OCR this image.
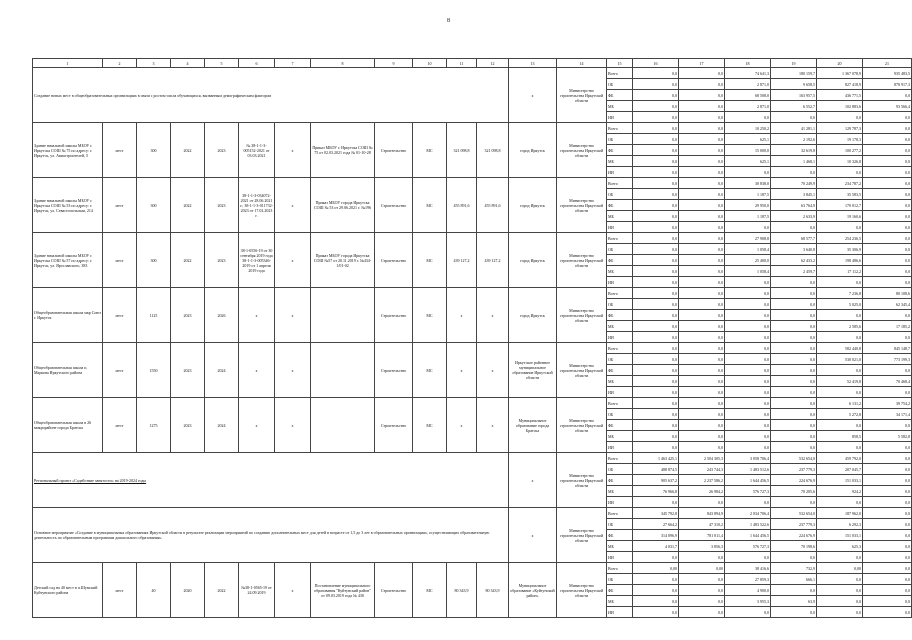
8
1	2	3	4	5	6	7	8	9	10	11	12	13	14	15	16	17	18	19	20	21
Создание новых мест в общеобразовательных организациях в связи с ростом числа обучающихся, вызванным демографическим фактором												x	Министерство строительства Иркутской области	Всего	0,0	0,0	74 641,3	180 159,7	1 367 078,9	935 483,5
														ОБ	0,0	0,0	2 871,0	9 658,5	827 418,9	878 917,3
														ФБ	0,0	0,0	68 508,0	163 957,5	436 771,5	0,0
														МБ	0,0	0,0	2 871,0	6 552,7	102 883,6	93 566,4
														ИИ	0,0	0,0	0,0	0,0	0,0	0,0
Здание начальной школы МБОУ г. Иркутска СОШ № 75 по адресу: г. Иркутск, ул. Авиастроителей, 5	мест	300	2022	2023	№ 38-1-1-3-005152-2021 от 03.03.2021	х	Приказ МБОУ г. Иркутска СОШ № 75 от 02.03.2021 года № 01-10-28	Строительство	МС	321 098,8	321 098,8	город Иркутск	Министерство строительства Иркутской области	Всего	0,0	0,0	10 250,2	41 281,1	129 787,3	0,0
														ОБ	0,0	0,0	625,1	2 192,6	19 178,3	0,0
														ФБ	0,0	0,0	15 000,0	32 619,8	100 277,2	0,0
														МБ	0,0	0,0	625,1	1 468,1	10 326,8	0,0
														ИИ	0,0	0,0	0,0	0,0	0,0	0,0
Здание начальной школы МБОУ г. Иркутска СОШ № 53 по адресу: г. Иркутск, ул. Севастопольская, 214	мест	300	2022	2023	38-1-1-3-034072-2021 от 28.06.2021 г.; 38-1-1-3-011732-2023 от 17.02.2023 г.	х	Приказ МБОУ города Иркутска СОШ № 53 от 29.06.2021 г. №196	Строительство	МС	455 891,6	455 891,6	город Иркутск	Министерство строительства Иркутской области	Всего	0,0	0,0	30 838,0	70 249,9	234 787,2	0,0
														ОБ	0,0	0,0	1 187,5	3 845,1	35 583,5	0,0
														ФБ	0,0	0,0	29 950,0	63 764,9	170 012,7	0,0
														МБ	0,0	0,0	1 187,5	2 633,9	19 160,6	0,0
														ИИ	0,0	0,0	0,0	0,0	0,0	0,0
Здание начальной школы МБОУ г. Иркутска СОШ № 57 по адресу: г. Иркутск, ул. Ярославского, 383	мест	300	2022	2023	38-1-0556-19 от 30 сентября 2019 года 38-1-1-3-005346-2019 от 1 апреля 2019 года	х	Приказ МБОУ города Иркутска СОШ №57 от 20.11.2019 г. №434-1/01-02	Строительство	МС	439 127,2	439 127,2	город Иркутск	Министерство строительства Иркутской области	Всего	0,0	0,0	27 908,8	68 577,7	254 236,5	0,0
														ОБ	0,0	0,0	1 058,4	3 640,8	35 306,9	0,0
														ФБ	0,0	0,0	25 400,0	62 433,2	198 486,6	0,0
														МБ	0,0	0,0	1 058,4	2 459,7	17 112,2	0,0
														ИИ	0,0	0,0	0,0	0,0	0,0	0,0
Общеобразовательная школа мкр Союз г. Иркутск	мест	1125	2023	2026	х	х		Строительство	МС	х	х	город Иркутск	Министерство строительства Иркутской области	Всего	0,0	0,0	0,0	0,0	7 236,8	80 108,6
														ОБ	0,0	0,0	0,0	0,0	5 025,0	62 345,4
														ФБ	0,0	0,0	0,0	0,0	0,0	0,0
														МБ	0,0	0,0	0,0	0,0	2 585,6	17 185,2
														ИИ	0,0	0,0	0,0	0,0	0,0	0,0
Общеобразовательная школа п. Маркова Иркутского района	мест	1550	2023	2024	х	х		Строительство	МС	х	х	Иркутское районное муниципальное образование Иркутской области	Министерство строительства Иркутской области	Всего	0,0	0,0	0,0	0,0	582 440,8	845 148,7
														ОБ	0,0	0,0	0,0	0,0	530 021,0	773 199,3
														ФБ	0,0	0,0	0,0	0,0	0,0	0,0
														МБ	0,0	0,0	0,0	0,0	52 419,8	70 468,4
														ИИ	0,0	0,0	0,0	0,0	0,0	0,0
Общеобразовательная школа в 26 микрорайоне города Братска	мест	1275	2023	2024	х	х		Строительство	МС	х	х	Муниципальное образование города Братска	Министерство строительства Иркутской области	Всего	0,0	0,0	0,0	0,0	6 131,2	39 754,2
														ОБ	0,0	0,0	0,0	0,0	5 272,8	34 171,4
														ФБ	0,0	0,0	0,0	0,0	0,0	0,0
														МБ	0,0	0,0	0,0	0,0	858,5	5 582,8
														ИИ	0,0	0,0	0,0	0,0	0,0	0,0
Региональный проект «Содействие занятости» на 2019-2024 годы												х	Министерство строительства Иркутской области	Всего	1 463 425,1	2 504 305,3	3 058 706,4	532 654,0	459 792,0	0,0
														ОБ	488 874,5	243 744,3	1 483 512,6	237 779,3	207 045,7	0,0
														ФБ	905 637,2	2 237 586,2	1 644 456,5	224 676,9	151 033,1	0,0
														МБ	76 966,8	26 984,2	576 727,3	70 205,6	924,2	0,0
														ИИ	0,0	0,0	0,0	0,0	0,0	0,0
Основное мероприятие «Создание в муниципальных образованиях Иркутской области в результате реализации мероприятий по созданию дополнительных мест для детей в возрасте от 1,5 до 3 лет в образовательных организациях, осуществляющих образовательную деятельность по образовательным программам дошкольного образования»												х	Министерство строительства Иркутской области	Всего	345 792,8	843 894,9	2 034 706,4	532 654,0	187 962,0	0,0
														ОБ	27 664,2	47 310,2	1 483 522,6	237 779,3	6 292,3	0,0
														ФБ	314 096,9	781 011,4	1 644 456,5	224 676,9	151 033,1	0,0
														МБ	4 031,7	3 856,3	576 727,3	70 198,6	625,3	0,0
														ИИ	0,0	0,0	0,0	0,0	0,0	0,0
Детский сад на 40 мест в п.Шумский Куйтунского района	мест	40	2020	2022	№38-1-0565-19 от 24.09.2019	х	Постановление муниципального образования "Куйтунский район" от 09.03.2019 года № 430	Строительство	МС	80 343,9	80 343,9	Муниципальное образование «Куйтунский район»	Министерство строительства Иркутской области	Всего	0,00	0,00	38 416,6	732,9	0,00	0,0
														ОБ	0,0	0,0	27 859,3	666,1	0,0	0,0
														ФБ	0,0	0,0	4 900,0	0,0	0,0	0,0
														МБ	0,0	0,0	3 955,3	63,9	0,0	0,0
														ИИ	0,0	0,0	0,0	0,0	0,0	0,0
